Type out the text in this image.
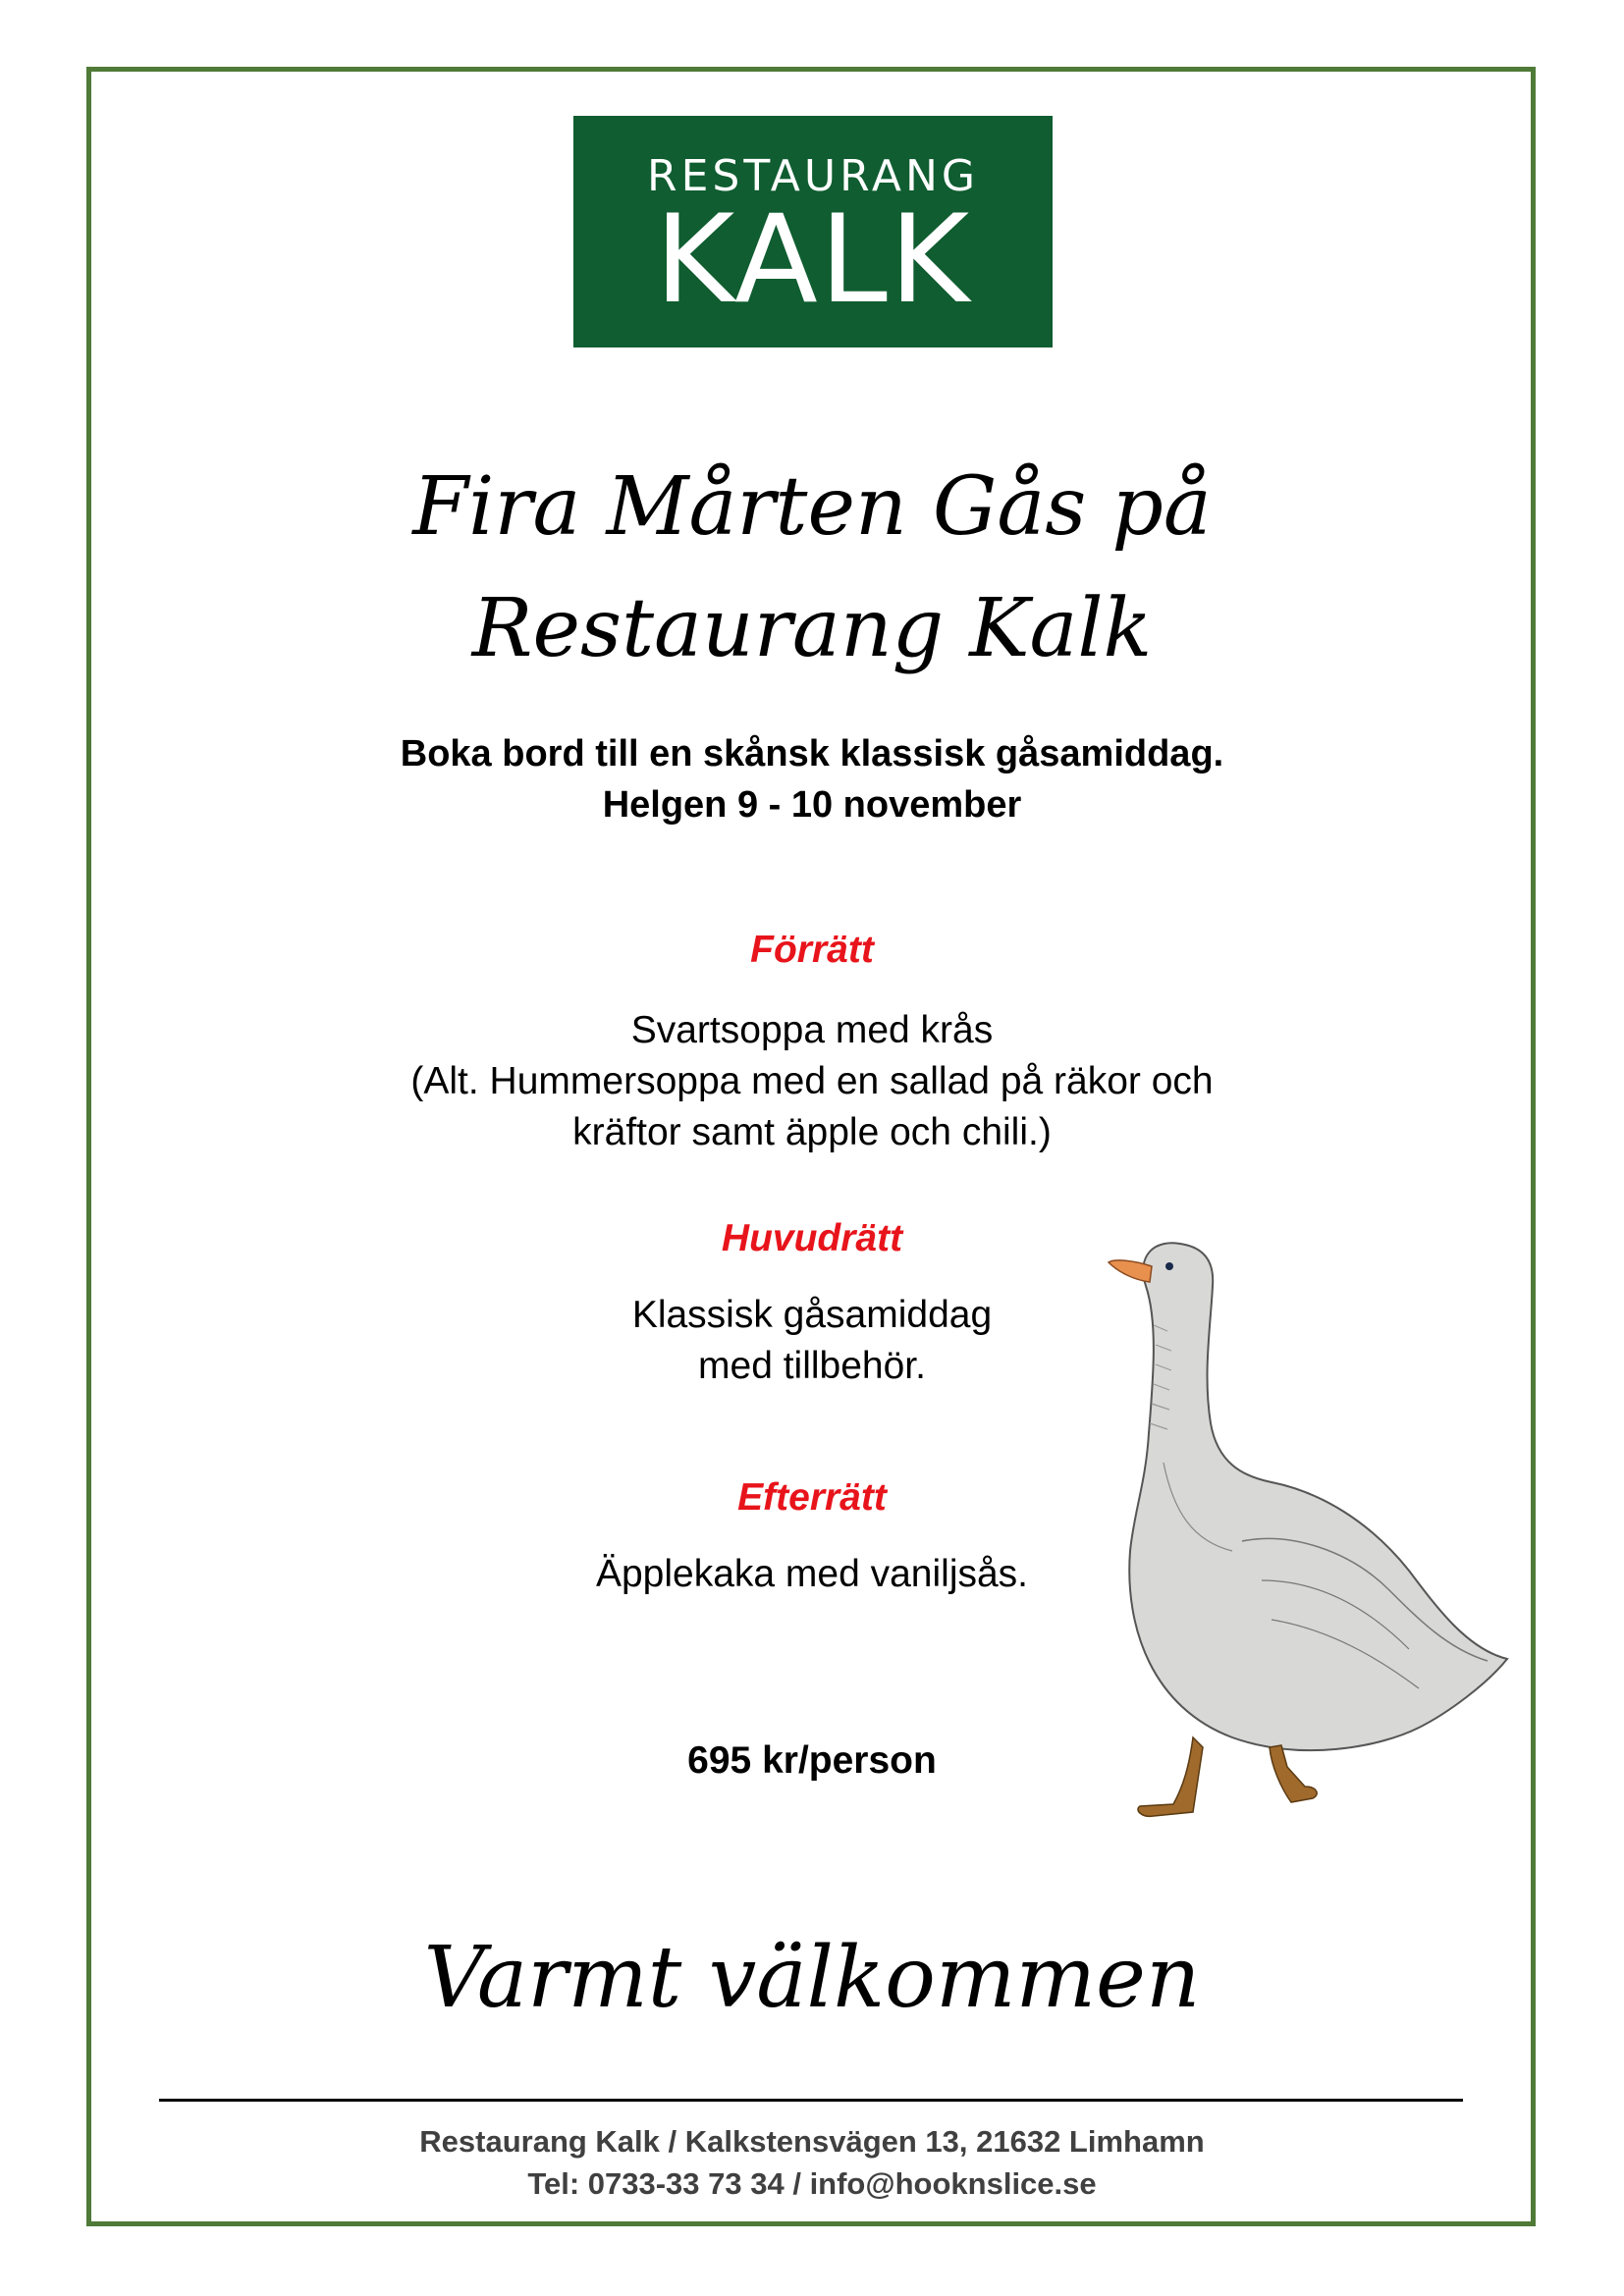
RESTAURANG
KALK
Fira Mårten Gås på
Restaurang Kalk
Boka bord till en skånsk klassisk gåsamiddag.
Helgen 9 - 10 november
Förrätt
Svartsoppa med krås
(Alt. Hummersoppa med en sallad på räkor och
kräftor samt äpple och chili.)
Huvudrätt
Klassisk gåsamiddag
med tillbehör.
Efterrätt
Äpplekaka med vaniljsås.
695 kr/person
Varmt välkommen
Restaurang Kalk / Kalkstensvägen 13, 21632 Limhamn
Tel: 0733-33 73 34 / info@hooknslice.se
